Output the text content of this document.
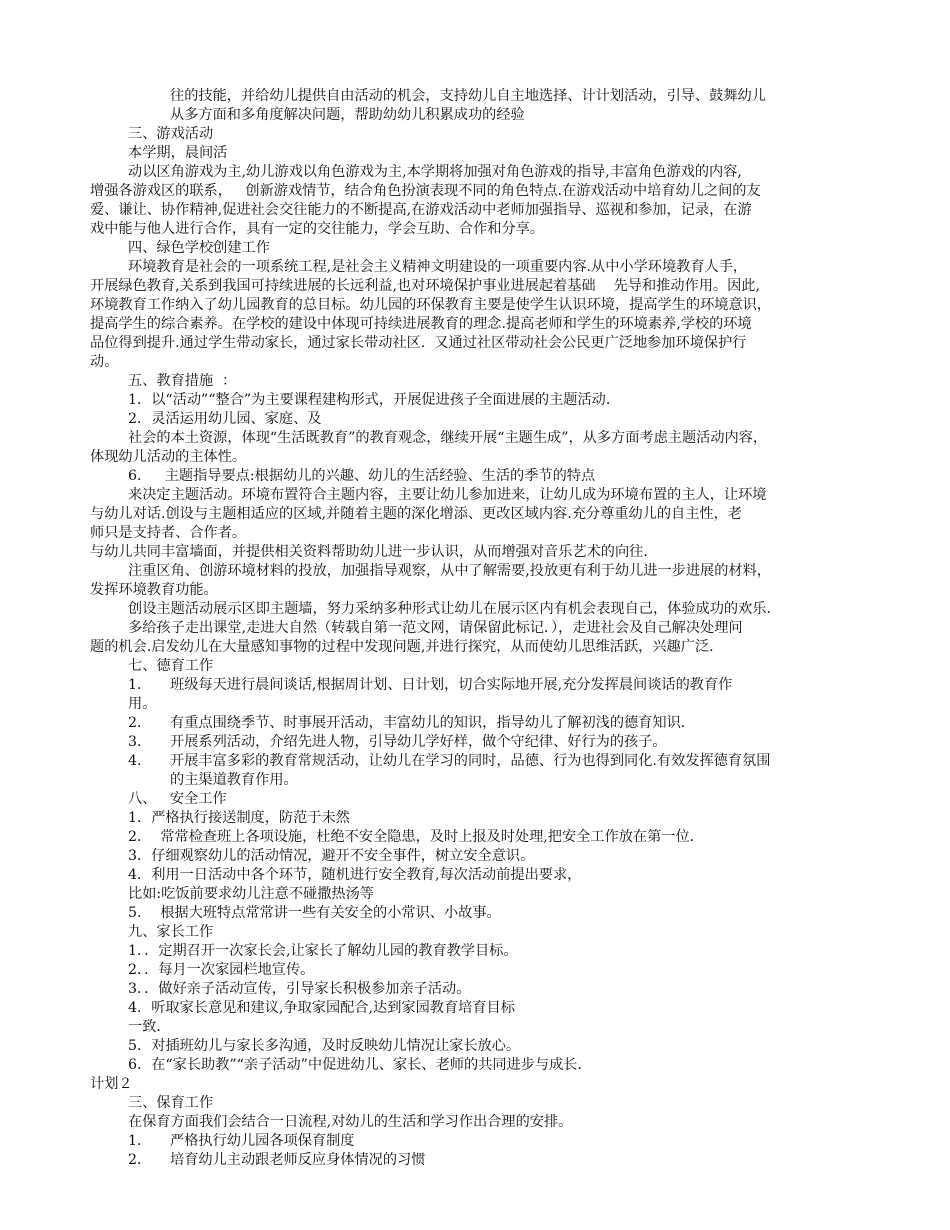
往的技能，并给幼儿提供自由活动的机会，支持幼儿自主地选择、计计划活动，引导、鼓舞幼儿
从多方面和多角度解决问题，帮助幼幼儿积累成功的经验
三、游戏活动
本学期，晨间活
动以区角游戏为主,幼儿游戏以角色游戏为主,本学期将加强对角色游戏的指导,丰富角色游戏的内容,
增强各游戏区的联系，   创新游戏情节，结合角色扮演表现不同的角色特点.在游戏活动中培育幼儿之间的友
爱、谦让、协作精神,促进社会交往能力的不断提高,在游戏活动中老师加强指导、巡视和参加，记录，在游
戏中能与他人进行合作，具有一定的交往能力，学会互助、合作和分享。
四、绿色学校创建工作
环境教育是社会的一项系统工程,是社会主义精神文明建设的一项重要内容.从中小学环境教育人手，
开展绿色教育,关系到我国可持续进展的长远利益,也对环境保护事业进展起着基础    先导和推动作用。因此,
环境教育工作纳入了幼儿园教育的总目标。幼儿园的环保教育主要是使学生认识环境，提高学生的环境意识，
提高学生的综合素养。在学校的建设中体现可持续进展教育的理念.提高老师和学生的环境素养,学校的环境
品位得到提升.通过学生带动家长，通过家长带动社区.  又通过社区带动社会公民更广泛地参加环境保护行
动。
五、教育措施  ：
1．以“活动”“整合”为主要课程建构形式，开展促进孩子全面进展的主题活动．
2．灵活运用幼儿园、家庭、及
社会的本土资源，体现“生活既教育”的教育观念，继续开展“主题生成”，从多方面考虑主题活动内容，
体现幼儿活动的主体性。
6．   主题指导要点:根据幼儿的兴趣、幼儿的生活经验、生活的季节的特点
来决定主题活动。环境布置符合主题内容，主要让幼儿参加进来，让幼儿成为环境布置的主人，让环境
与幼儿对话.创设与主题相适应的区域,并随着主题的深化增添、更改区域内容.充分尊重幼儿的自主性，老
师只是支持者、合作者。
与幼儿共同丰富墙面，并提供相关资料帮助幼儿进一步认识，从而增强对音乐艺术的向往．
注重区角、创游环境材料的投放，加强指导观察，从中了解需要,投放更有利于幼儿进一步进展的材料，
发挥环境教育功能。
创设主题活动展示区即主题墙，努力采纳多种形式让幼儿在展示区内有机会表现自己，体验成功的欢乐．
多给孩子走出课堂,走进大自然（转载自第一范文网，请保留此标记．），走进社会及自己解决处理问
题的机会.启发幼儿在大量感知事物的过程中发现问题,并进行探究，从而使幼儿思维活跃，兴趣广泛．
七、德育工作
1． 班级每天进行晨间谈话,根据周计划、日计划，切合实际地开展,充分发挥晨间谈话的教育作
用。
2． 有重点围绕季节、时事展开活动，丰富幼儿的知识，指导幼儿了解初浅的德育知识．
3． 开展系列活动，介绍先进人物，引导幼儿学好样，做个守纪律、好行为的孩子。
4． 开展丰富多彩的教育常规活动，让幼儿在学习的同时，品德、行为也得到同化.有效发挥德育氛围
的主渠道教育作用。
八、   安全工作
1．严格执行接送制度，防范于未然
2．  常常检查班上各项设施，杜绝不安全隐患，及时上报及时处理,把安全工作放在第一位．
3．仔细观察幼儿的活动情况，避开不安全事件，树立安全意识。
4．利用一日活动中各个环节，随机进行安全教育,每次活动前提出要求，
比如:吃饭前要求幼儿注意不碰撒热汤等
5．  根据大班特点常常讲一些有关安全的小常识、小故事。
九、家长工作
1．．定期召开一次家长会,让家长了解幼儿园的教育教学目标。
2．．每月一次家园栏地宣传。
3．．做好亲子活动宣传，引导家长积极参加亲子活动。
4．听取家长意见和建议,争取家园配合,达到家园教育培育目标
一致．
5．对插班幼儿与家长多沟通，及时反映幼儿情况让家长放心。
6．在“家长助教”“亲子活动”中促进幼儿、家长、老师的共同进步与成长．
计划２
三、保育工作
在保育方面我们会结合一日流程,对幼儿的生活和学习作出合理的安排。
1． 严格执行幼儿园各项保育制度
2． 培育幼儿主动跟老师反应身体情况的习惯
